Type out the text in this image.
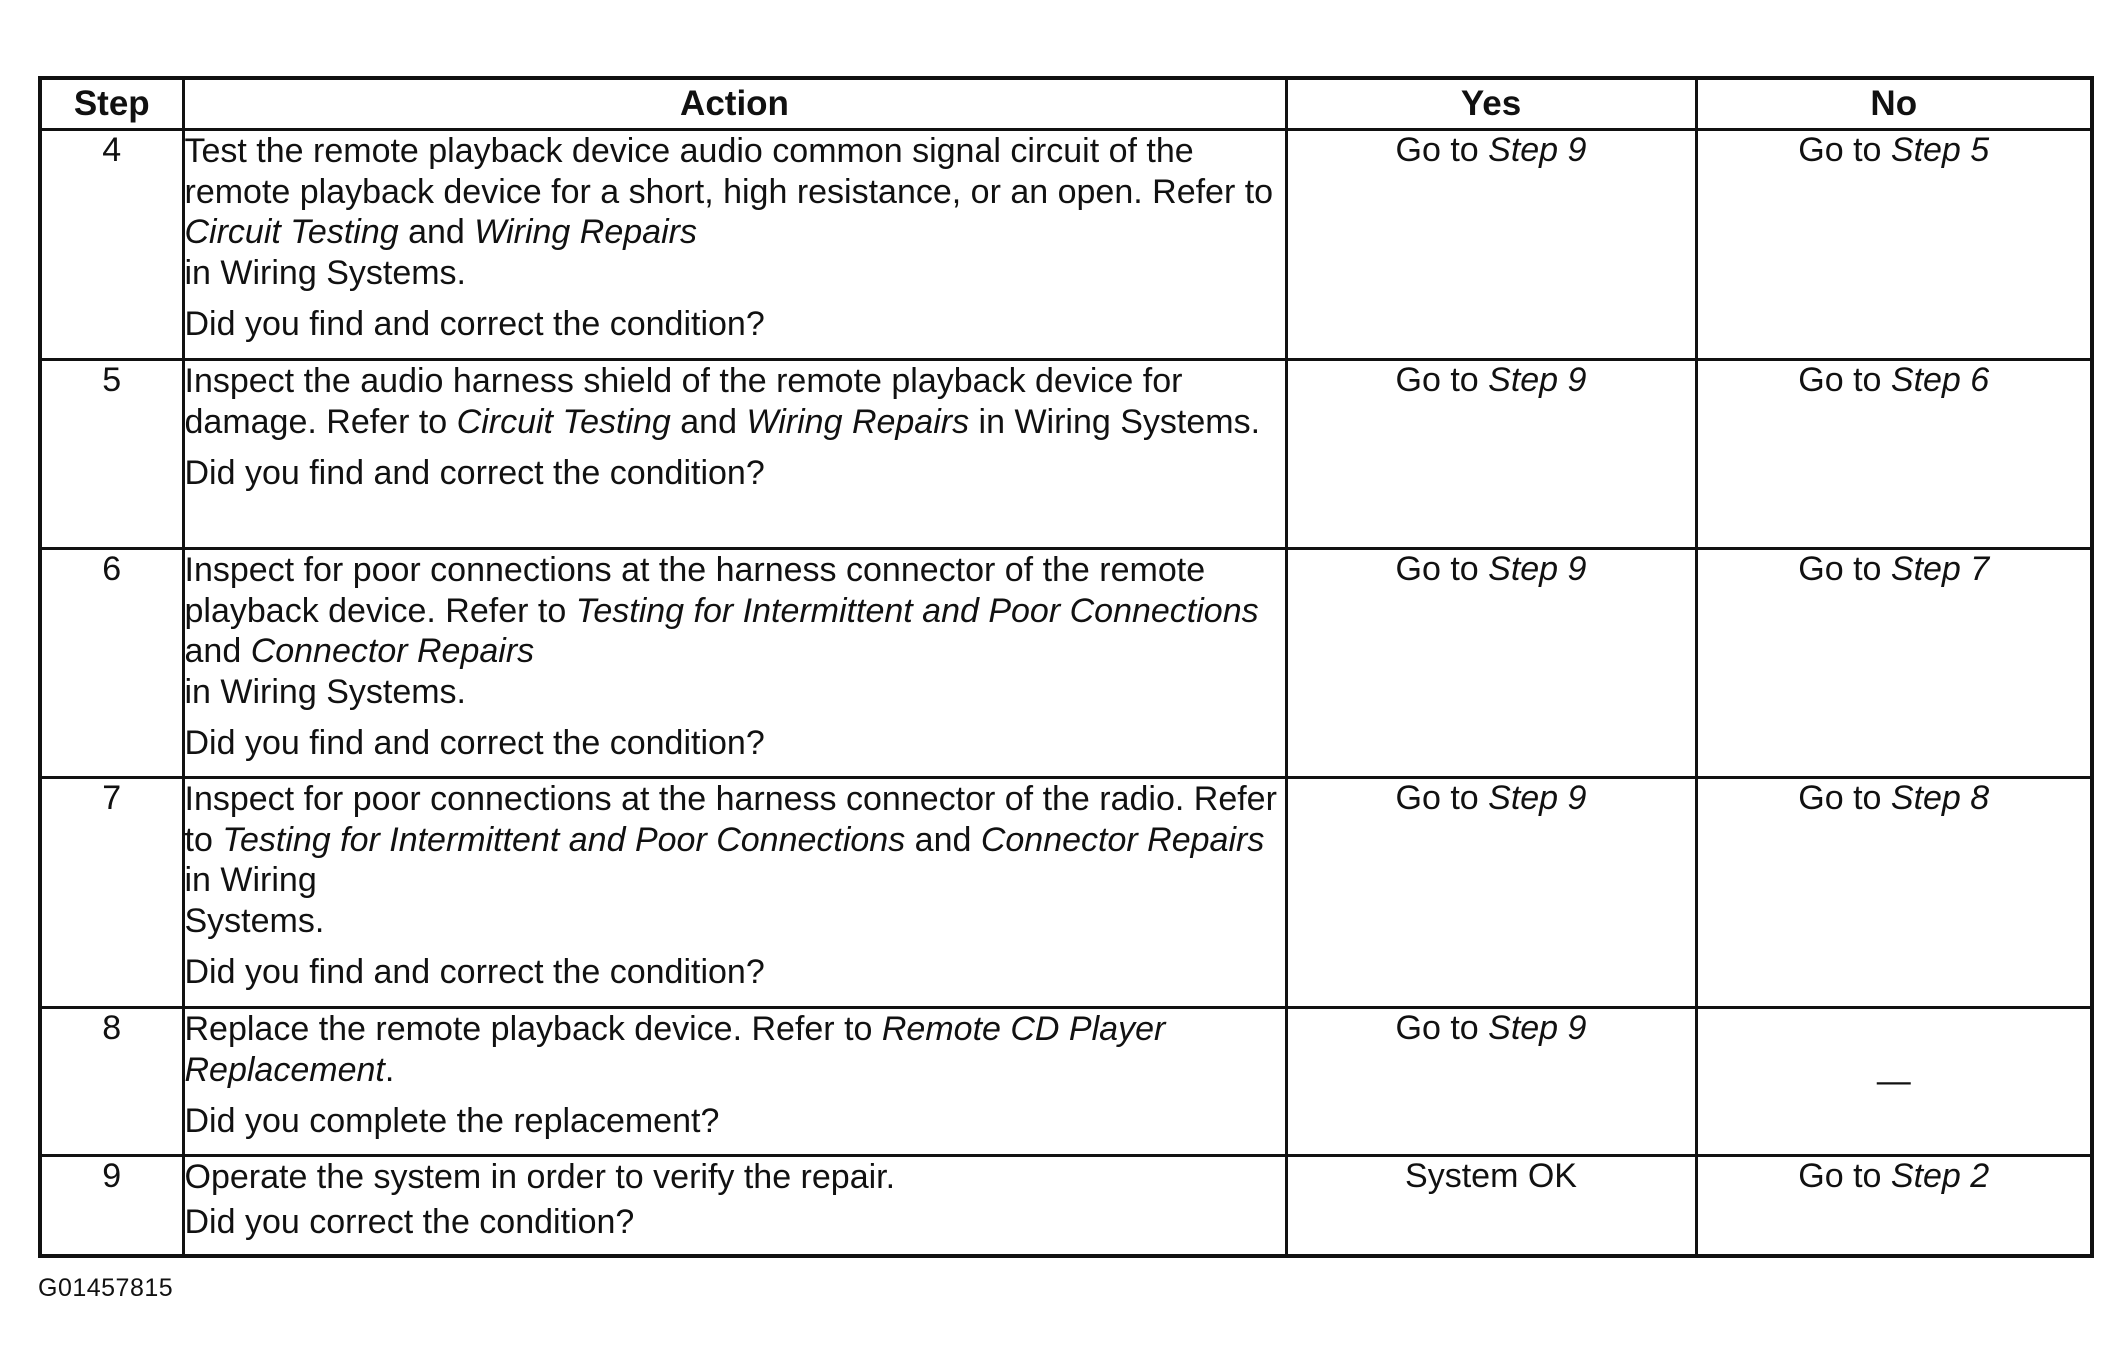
Step	Action	Yes	No
4	Test the remote playback device audio common signal circuit of the remote playback device for a short, high resistance, or an open. Refer to Circuit Testing and Wiring Repairs
in Wiring Systems.
Did you find and correct the condition?	Go to Step 9	Go to Step 5
5	Inspect the audio harness shield of the remote playback device for damage. Refer to Circuit Testing and Wiring Repairs in Wiring Systems.
Did you find and correct the condition?	Go to Step 9	Go to Step 6
6	Inspect for poor connections at the harness connector of the remote playback device. Refer to Testing for Intermittent and Poor Connections and Connector Repairs
in Wiring Systems.
Did you find and correct the condition?	Go to Step 9	Go to Step 7
7	Inspect for poor connections at the harness connector of the radio. Refer to Testing for Intermittent and Poor Connections and Connector Repairs in Wiring
Systems.
Did you find and correct the condition?	Go to Step 9	Go to Step 8
8	Replace the remote playback device. Refer to Remote CD Player Replacement.
Did you complete the replacement?	Go to Step 9	—
9	Operate the system in order to verify the repair.
Did you correct the condition?	System OK	Go to Step 2
G01457815
